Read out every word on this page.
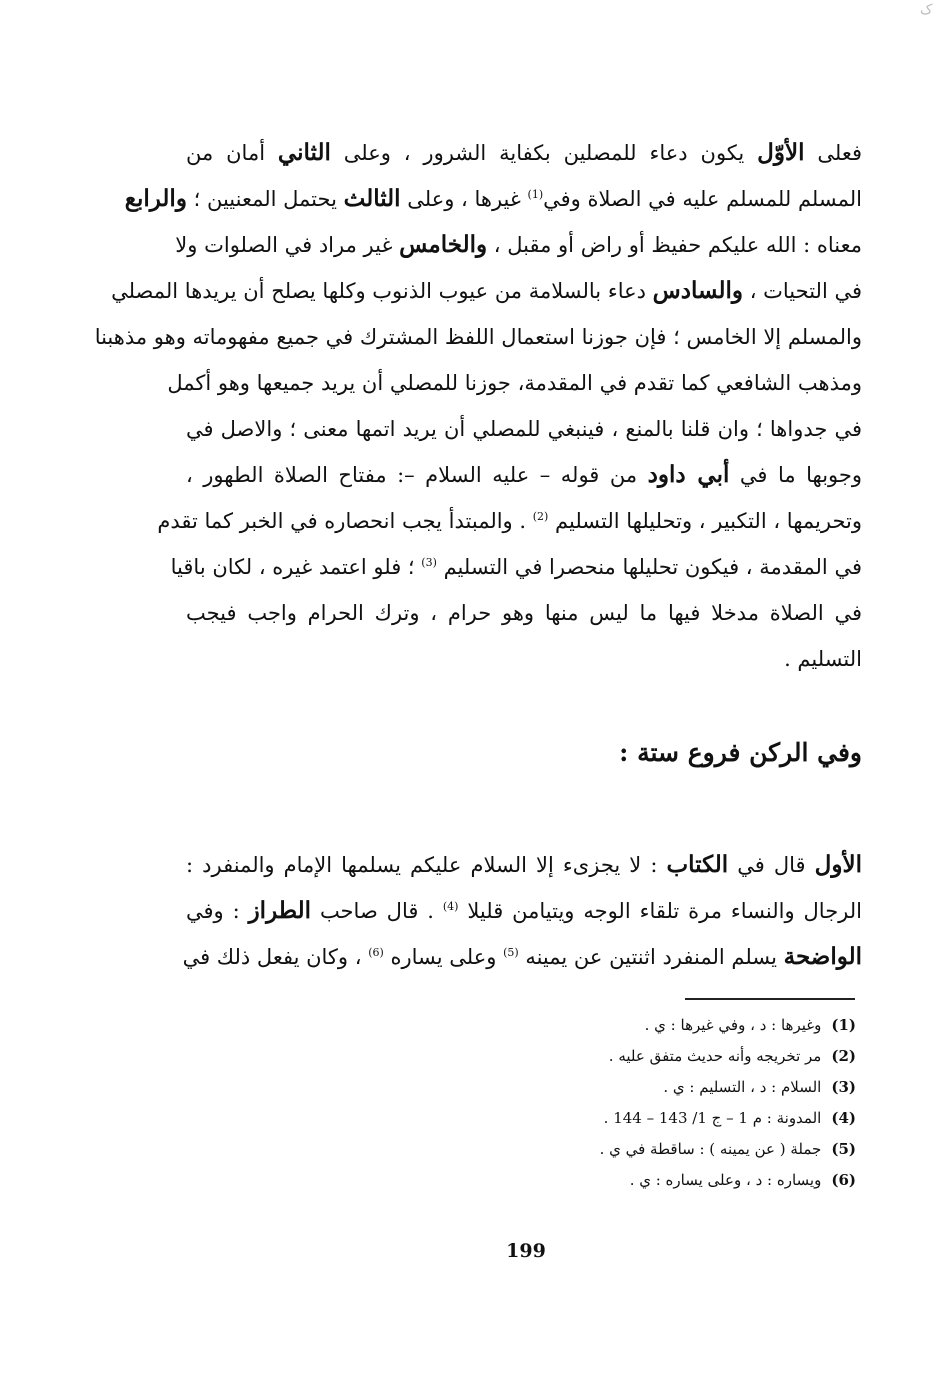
ک
فعلى الأوّل يكون دعاء للمصلين بكفاية الشرور ، وعلى الثاني أمان من
المسلم للمسلم عليه في الصلاة وفي$^{(1)}$ غيرها ، وعلى الثالث يحتمل المعنيين ؛ والرابع
معناه : الله عليكم حفيظ أو راض أو مقبل ، والخامس غير مراد في الصلوات ولا
في التحيات ، والسادس دعاء بالسلامة من عيوب الذنوب وكلها يصلح أن يريدها المصلي
والمسلم إلا الخامس ؛ فإن جوزنا استعمال اللفظ المشترك في جميع مفهوماته وهو مذهبنا
ومذهب الشافعي كما تقدم في المقدمة، جوزنا للمصلي أن يريد جميعها وهو أكمل
في جدواها ؛ وان قلنا بالمنع ، فينبغي للمصلي أن يريد اتمها معنى ؛ والاصل في
وجوبها ما في أبي داود من قوله – عليه السلام –: مفتاح الصلاة الطهور ،
وتحريمها ، التكبير ، وتحليلها التسليم $^{(2)}$ . والمبتدأ يجب انحصاره في الخبر كما تقدم
في المقدمة ، فيكون تحليلها منحصرا في التسليم $^{(3)}$ ؛ فلو اعتمد غيره ، لكان باقيا
في الصلاة مدخلا فيها ما ليس منها وهو حرام ، وترك الحرام واجب فيجب
التسليم .
وفي الركن فروع ستة :
الأول قال في الكتاب : لا يجزىء إلا السلام عليكم يسلمها الإمام والمنفرد :
الرجال والنساء مرة تلقاء الوجه ويتيامن قليلا $^{(4)}$ . قال صاحب الطراز : وفي
الواضحة يسلم المنفرد اثنتين عن يمينه $^{(5)}$ وعلى يساره $^{(6)}$ ، وكان يفعل ذلك في
(1)وغيرها : د ، وفي غيرها : ي .
(2)مر تخريجه وأنه حديث متفق عليه .
(3)السلام : د ، التسليم : ي .
(4)المدونة : م 1 – ج 1/ 143 – 144 .
(5)جملة ( عن يمينه ) : ساقطة في ي .
(6)ويساره : د ، وعلى يساره : ي .
199
